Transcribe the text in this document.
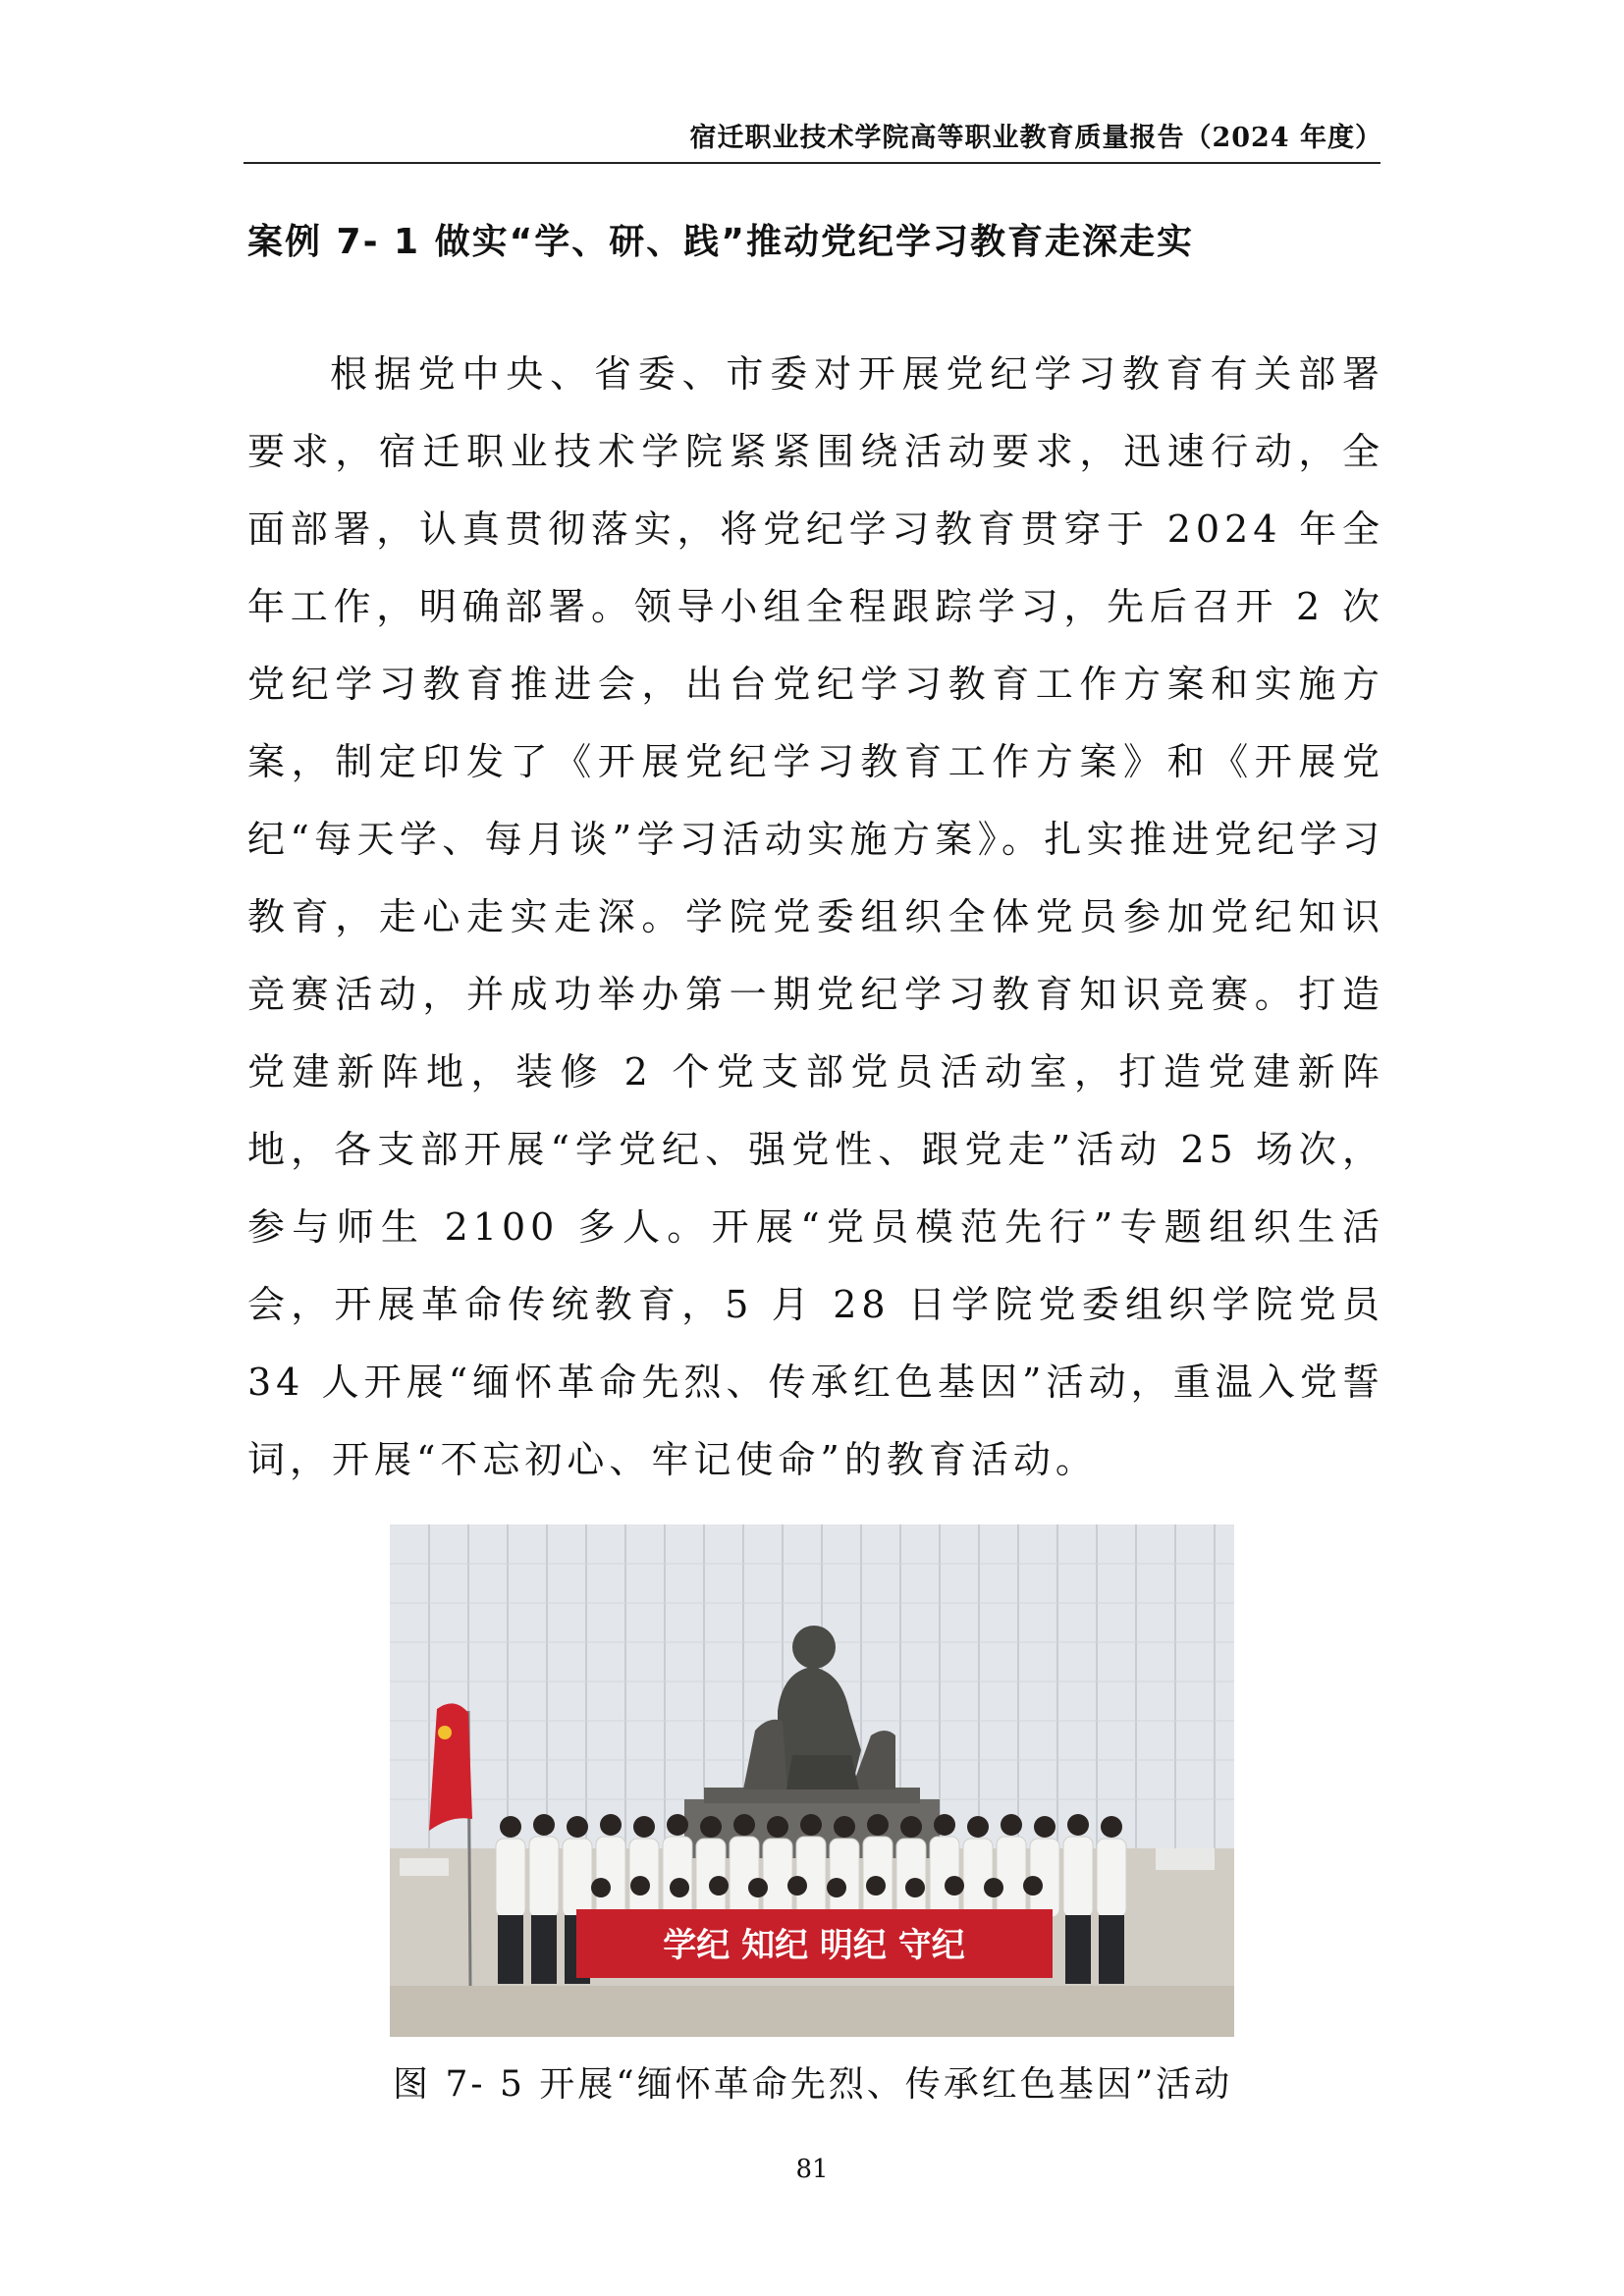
宿迁职业技术学院高等职业教育质量报告（2024 年度）
案例 7- 1 做实“学、研、践”推动党纪学习教育走深走实
根据党中央、省委、市委对开展党纪学习教育有关部署要求，宿迁职业技术学院紧紧围绕活动要求，迅速行动，全面部署，认真贯彻落实，将党纪学习教育贯穿于 2024 年全年工作，明确部署。领导小组全程跟踪学习，先后召开 2 次党纪学习教育推进会，出台党纪学习教育工作方案和实施方案，制定印发了《开展党纪学习教育工作方案》和《开展党纪“每天学、每月谈”学习活动实施方案》。扎实推进党纪学习教育，走心走实走深。学院党委组织全体党员参加党纪知识竞赛活动，并成功举办第一期党纪学习教育知识竞赛。打造党建新阵地，装修 2 个党支部党员活动室，打造党建新阵地，各支部开展“学党纪、强党性、跟党走”活动 25 场次，参与师生 2100 多人。开展“党员模范先行”专题组织生活会，开展革命传统教育，5 月 28 日学院党委组织学院党员 34 人开展“缅怀革命先烈、传承红色基因”活动，重温入党誓词，开展“不忘初心、牢记使命”的教育活动。
学纪 知纪 明纪 守纪
图 7- 5 开展“缅怀革命先烈、传承红色基因”活动
81
